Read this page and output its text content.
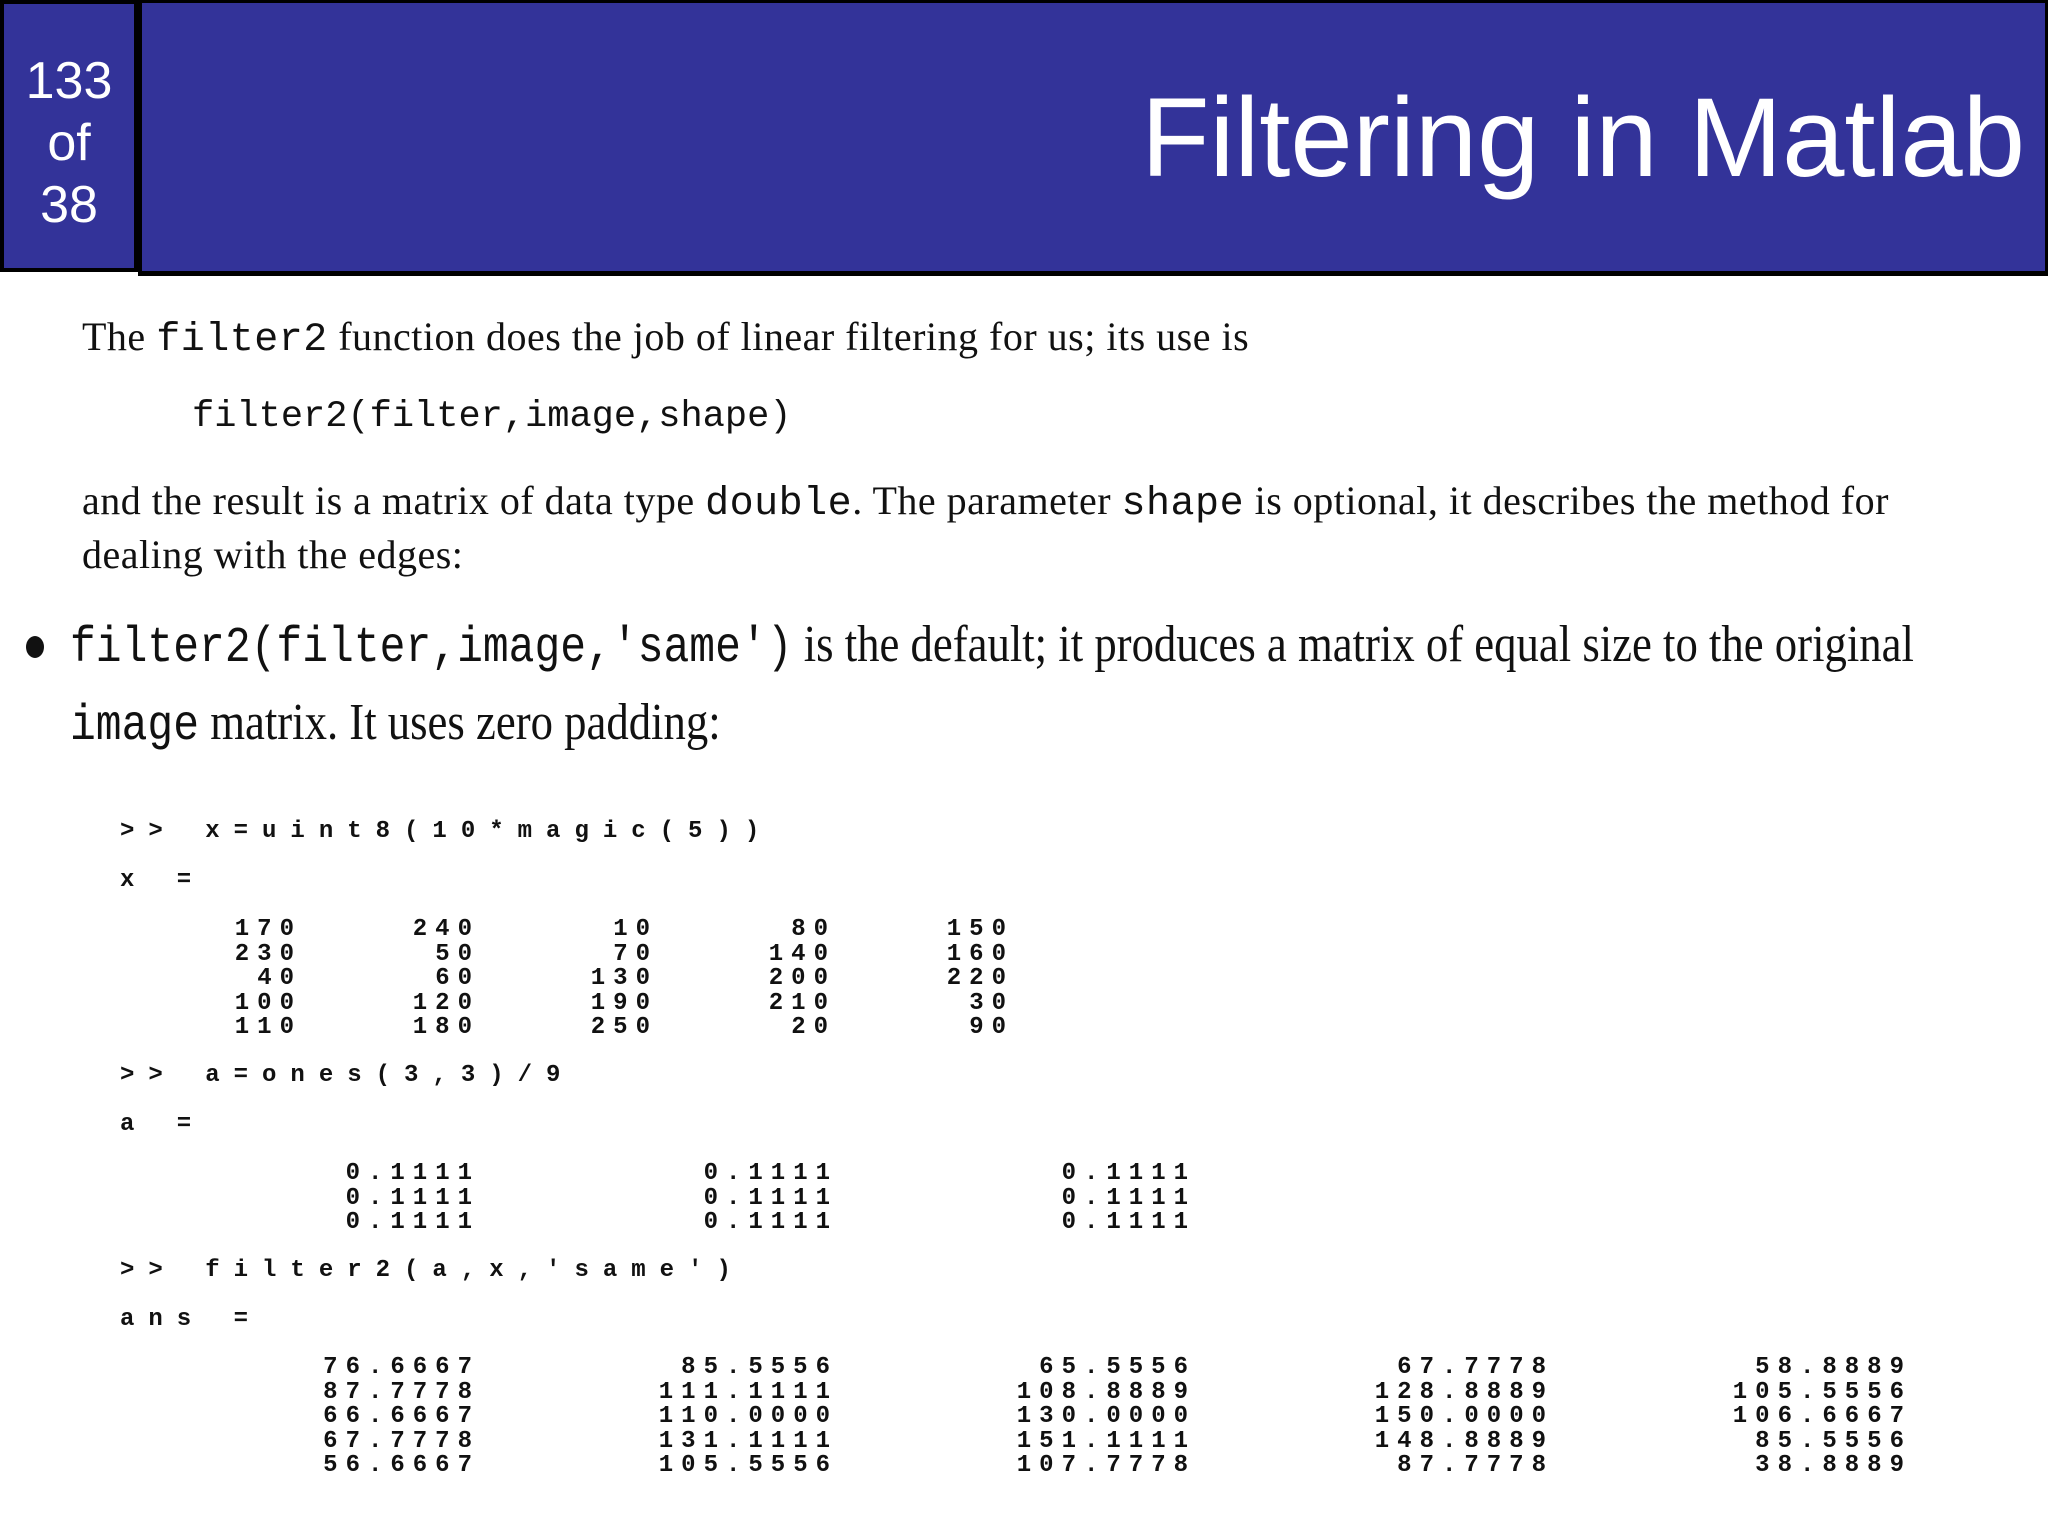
133
of
38
Filtering in Matlab

The filter2 function does the job of linear filtering for us; its use is

filter2(filter,image,shape)

and the result is a matrix of data type double. The parameter shape is optional, it describes the method for dealing with the edges:

filter2(filter,image,'same') is the default; it produces a matrix of equal size to the original image matrix. It uses zero padding:

>> x=uint8(10*magic(5))
x =
170	240	10	80	150
230	50	70	140	160
40	60	130	200	220
100	120	190	210	30
110	180	250	20	90
>> a=ones(3,3)/9
a =
0.1111	0.1111	0.1111
0.1111	0.1111	0.1111
0.1111	0.1111	0.1111
>> filter2(a,x,'same')
ans =
76.6667	85.5556	65.5556	67.7778	58.8889
87.7778	111.1111	108.8889	128.8889	105.5556
66.6667	110.0000	130.0000	150.0000	106.6667
67.7778	131.1111	151.1111	148.8889	85.5556
56.6667	105.5556	107.7778	87.7778	38.8889
